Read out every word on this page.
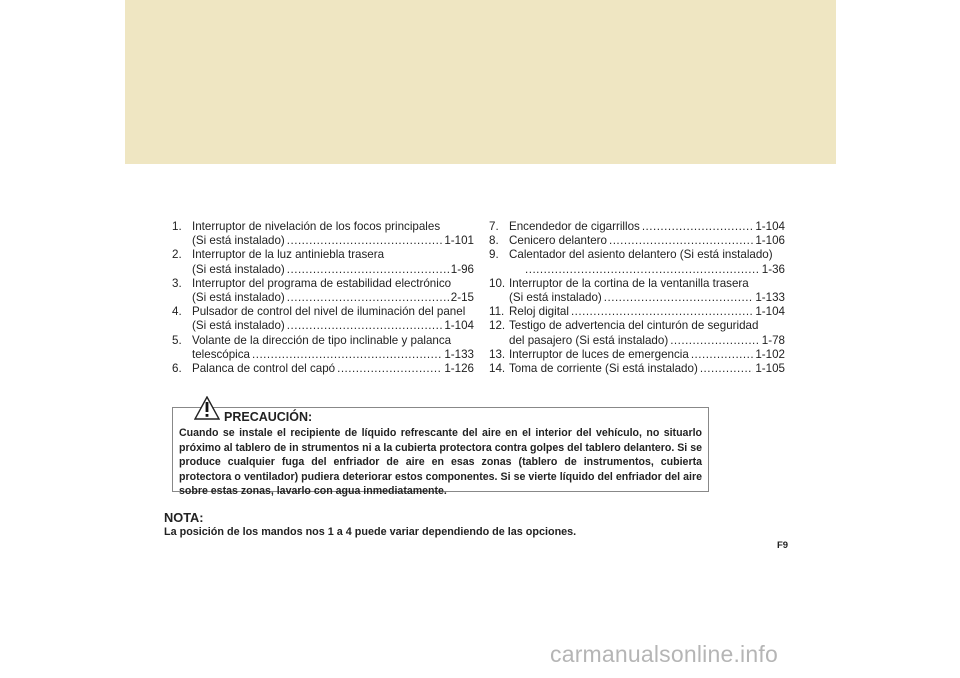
1. Interruptor de nivelación de los focos principales
(Si está instalado) .....	1-101
2. Interruptor de la luz antiniebla trasera
(Si está instalado) .....	1-96
3. Interruptor del programa de estabilidad electrónico
(Si está instalado) .....	2-15
4. Pulsador de control del nivel de iluminación del panel
(Si está instalado) .....	1-104
5. Volante de la dirección de tipo inclinable y palanca
telescópica .....	1-133
6. Palanca de control del capó .....	1-126
7. Encendedor de cigarrillos .....	1-104
8. Cenicero delantero .....	1-106
9. Calentador del asiento delantero (Si está instalado)
.....
1-36
10. Interruptor de la cortina de la ventanilla trasera
(Si está instalado) .....	1-133
11. Reloj digital .....	1-104
12. Testigo de advertencia del cinturón de seguridad
del pasajero (Si está instalado) .....	1-78
13. Interruptor de luces de emergencia .....	1-102
14. Toma de corriente (Si está instalado) .....	1-105
PRECAUCIÓN:
Cuando se instale el recipiente de líquido refrescante del aire en el interior del vehículo, no situarlo próximo al tablero de in strumentos ni a la cubierta protectora contra golpes del tablero delantero. Si se produce cualquier fuga del enfriador de aire en esas zonas (tablero de instrumentos, cubierta protectora o ventilador) pudiera deteriorar estos componentes. Si se vierte líquido del enfriador del aire sobre estas zonas, lavarlo con agua inmediatamente.
NOTA:
La posición de los mandos nos 1 a 4 puede variar dependiendo de las opciones.
F9
carmanualsonline.info
